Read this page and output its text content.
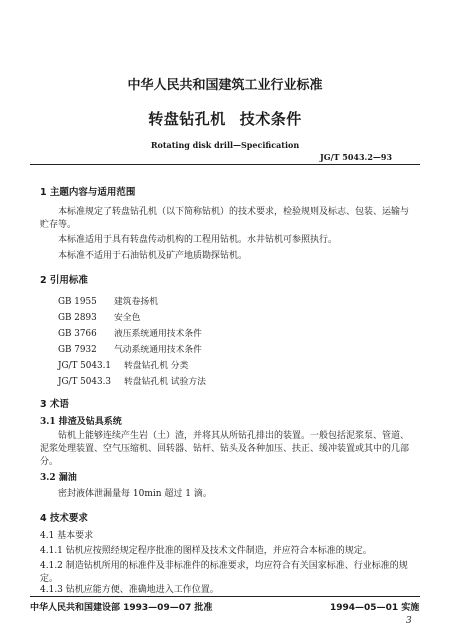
中华人民共和国建筑工业行业标准
转盘钻孔机 技术条件
Rotating disk drill—Specification
JG/T 5043.2—93
1 主题内容与适用范围
本标准规定了转盘钻孔机（以下简称钻机）的技术要求，检验规则及标志、包装、运输与贮存等。
本标准适用于具有转盘传动机构的工程用钻机。水井钻机可参照执行。
本标准不适用于石油钻机及矿产地质勘探钻机。
2 引用标准
GB 1955 建筑卷扬机
GB 2893 安全色
GB 3766 液压系统通用技术条件
GB 7932 气动系统通用技术条件
JG/T 5043.1 转盘钻孔机 分类
JG/T 5043.3 转盘钻孔机 试验方法
3 术语
3.1 排渣及钻具系统
钻机上能够连续产生岩（土）渣，并将其从所钻孔排出的装置。一般包括泥浆泵、管道、泥浆处理装置、空气压缩机、回转器、钻杆、钻头及各种加压、扶正、缓冲装置或其中的几部分。
3.2 漏油
密封液体泄漏量每 10min 超过 1 滴。
4 技术要求
4.1 基本要求
4.1.1 钻机应按照经规定程序批准的图样及技术文件制造，并应符合本标准的规定。
4.1.2 制造钻机所用的标准件及非标准件的标准要求，均应符合有关国家标准、行业标准的规定。
4.1.3 钻机应能方便、准确地进入工作位置。
中华人民共和国建设部 1993—09—07 批准	1994—05—01 实施
3
